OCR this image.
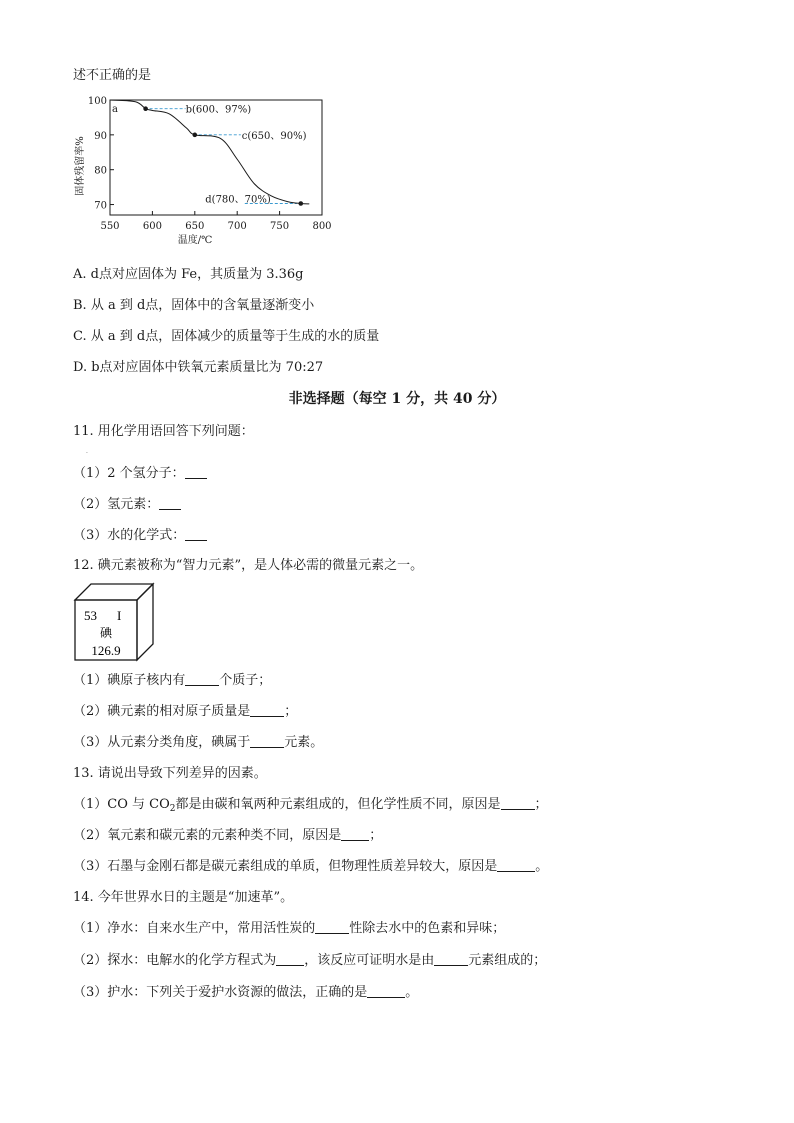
述不正确的是
550 600 650 700 750 800
100
90
80
70
a	b(600、97%)
c(650、90%)
d(780、70%)
温度/℃
固体残留率%
A. d点对应固体为 Fe，其质量为 3.36g
B. 从 a 到 d点，固体中的含氧量逐渐变小
C. 从 a 到 d点，固体减少的质量等于生成的水的质量
D. b点对应固体中铁氧元素质量比为 70:27
非选择题（每空 1 分，共 40 分）
11. 用化学用语回答下列问题：
·
（1）2 个氢分子：
（2）氢元素：
（3）水的化学式：
12. 碘元素被称为“智力元素”，是人体必需的微量元素之一。
53 I
碘
126.9
（1）碘原子核内有	个质子；
（2）碘元素的相对原子质量是	；
（3）从元素分类角度，碘属于	元素。
13. 请说出导致下列差异的因素。
（1）CO 与 $CO_2$都是由碳和氧两种元素组成的，但化学性质不同，原因是	；
（2）氧元素和碳元素的元素种类不同，原因是 ；
（3）石墨与金刚石都是碳元素组成的单质，但物理性质差异较大，原因是	。
14. 今年世界水日的主题是“加速革”。
（1）净水：自来水生产中，常用活性炭的	性除去水中的色素和异味；
（2）探水：电解水的化学方程式为 ，该反应可证明水是由	元素组成的；
（3）护水：下列关于爱护水资源的做法，正确的是	。
